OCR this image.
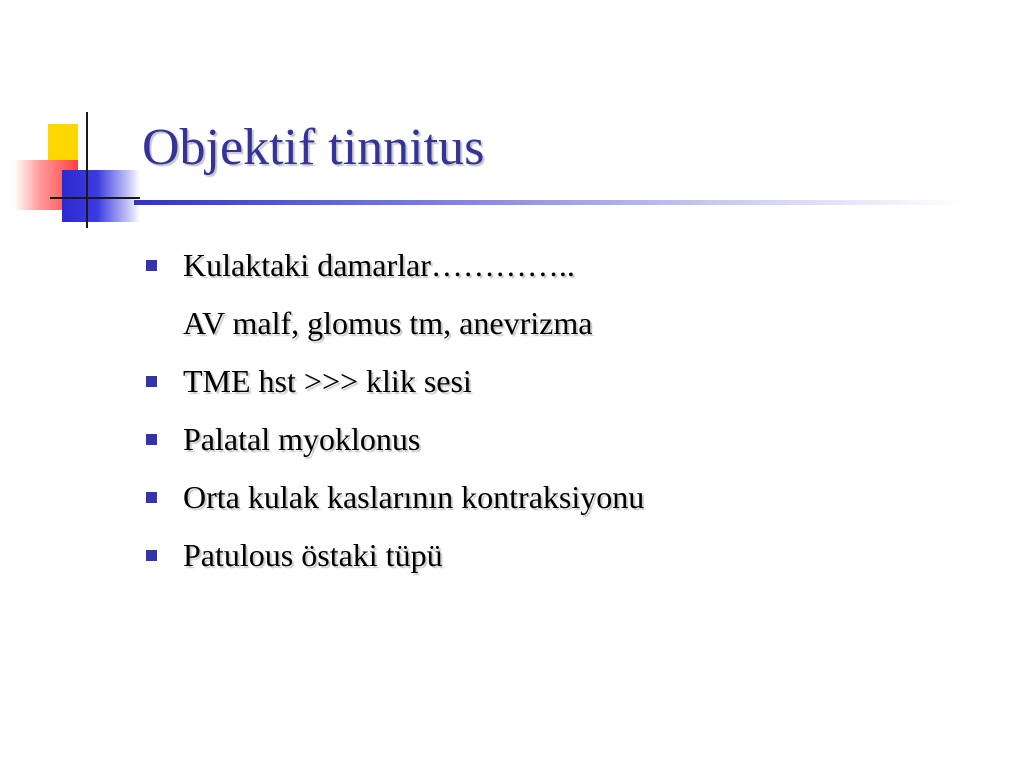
Objektif tinnitus
Kulaktaki damarlar…………..
AV malf, glomus tm, anevrizma
TME hst >>> klik sesi
Palatal myoklonus
Orta kulak kaslarının kontraksiyonu
Patulous östaki tüpü
